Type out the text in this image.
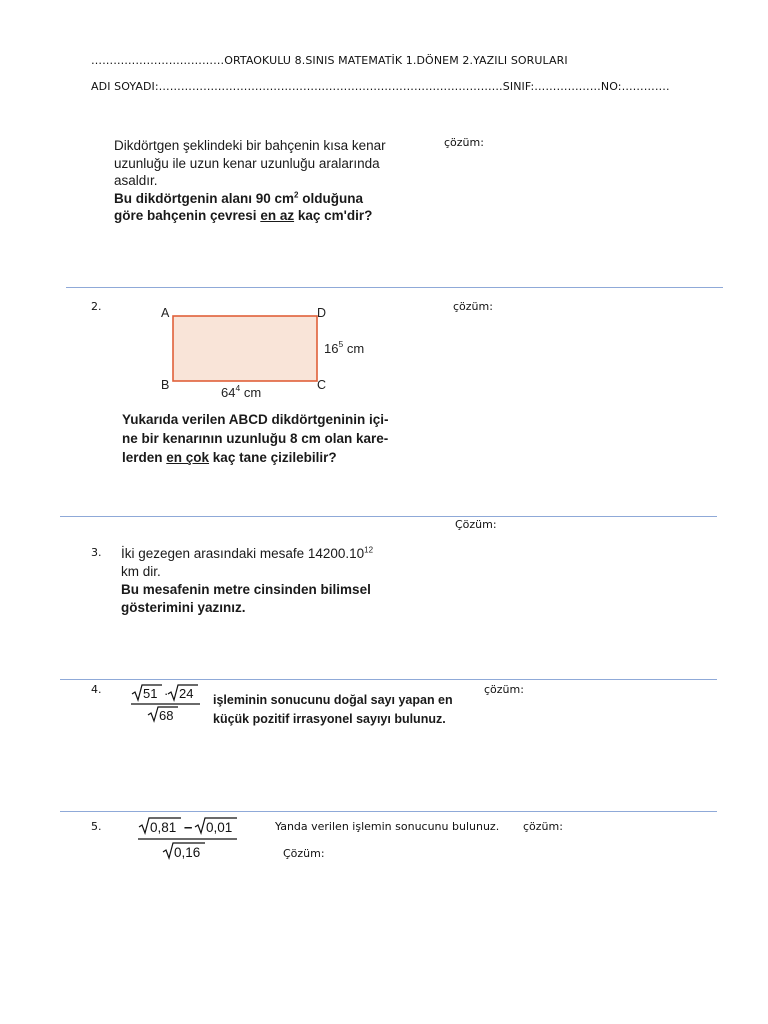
………………………………ORTAOKULU 8.SINIS MATEMATİK 1.DÖNEM 2.YAZILI SORULARI
ADI SOYADI:…………………………………………………………………………………SINIF:………………NO:………….
Dikdörtgen şeklindeki bir bahçenin kısa kenar
uzunluğu ile uzun kenar uzunluğu aralarında
asaldır.
Bu dikdörtgenin alanı 90 $cm^2$ olduğuna
göre bahçenin çevresi en az kaç cm'dir?
çözüm:
2.	A	D
B	C
$16^5$ cm
$64^4$ cm
Yukarıda verilen ABCD dikdörtgeninin içi-
ne bir kenarının uzunluğu 8 cm olan kare-
lerden en çok kaç tane çizilebilir?
çözüm:
Çözüm:
3. İki gezegen arasındaki mesafe 14200.10$^{12}$
km dir.
Bu mesafenin metre cinsinden bilimsel
gösterimini yazınız.
4.	51 · 24
68
işleminin sonucunu doğal sayı yapan en
küçük pozitif irrasyonel sayıyı bulunuz.
çözüm:
5.	0,81 – 0,01
0,16
Yanda verilen işlemin sonucunu bulunuz. çözüm:
Çözüm:
